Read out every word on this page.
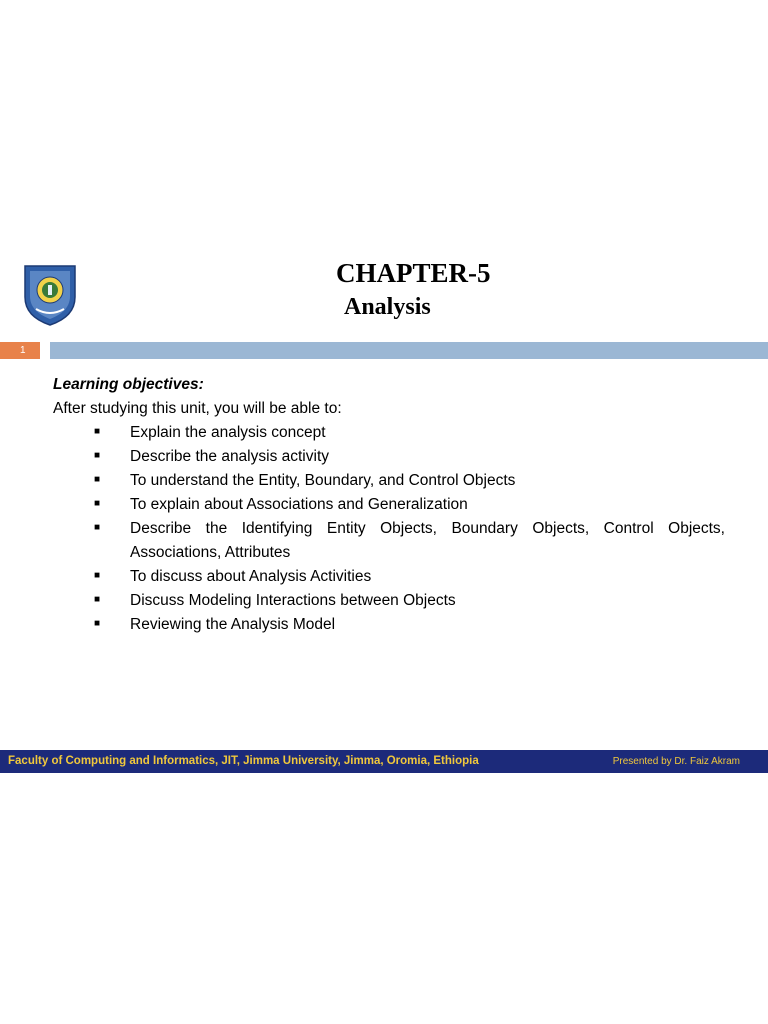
CHAPTER-5
Analysis
1
Learning objectives:
After studying this unit, you will be able to:
■ Explain the analysis concept
■ Describe the analysis activity
■ To understand the Entity, Boundary, and Control Objects
■ To explain about Associations and Generalization
■ Describe the Identifying Entity Objects, Boundary Objects, Control Objects, Associations, Attributes
■ To discuss about Analysis Activities
■ Discuss Modeling Interactions between Objects
■ Reviewing the Analysis Model
Faculty of Computing and Informatics, JIT, Jimma University, Jimma, Oromia, Ethiopia	Presented by Dr. Faiz Akram
